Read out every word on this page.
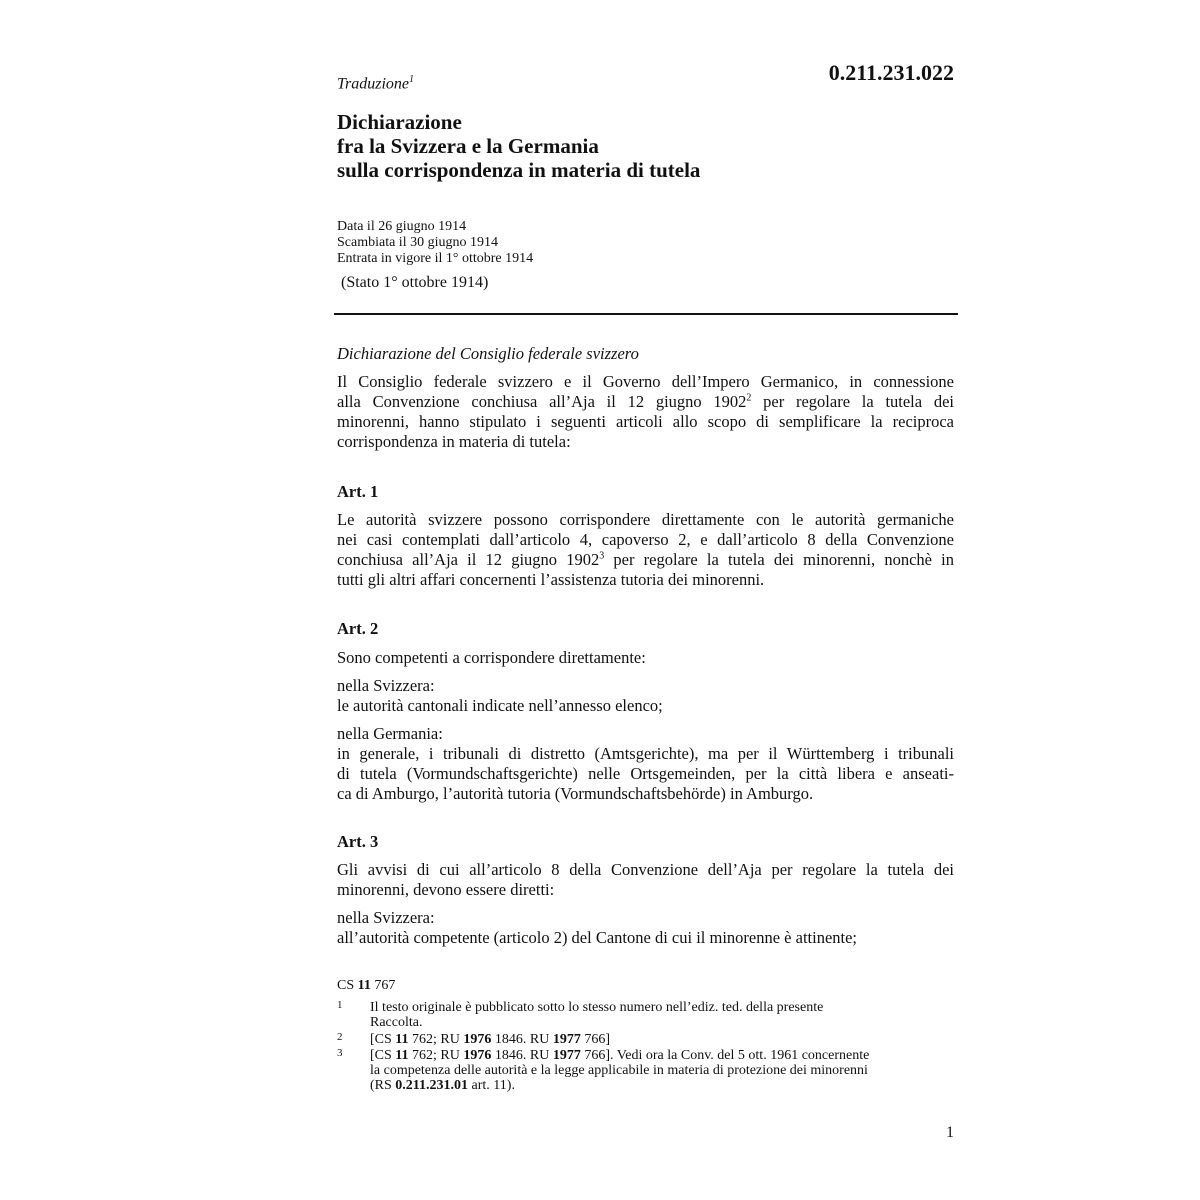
0.211.231.022
Traduzione$^1$
Dichiarazione
fra la Svizzera e la Germania
sulla corrispondenza in materia di tutela
Data il 26 giugno 1914
Scambiata il 30 giugno 1914
Entrata in vigore il 1° ottobre 1914
(Stato 1° ottobre 1914)
Dichiarazione del Consiglio federale svizzero
Il Consiglio federale svizzero e il Governo dell’Impero Germanico, in connessione
alla Convenzione conchiusa all’Aja il 12 giugno 1902$^2$ per regolare la tutela dei
minorenni, hanno stipulato i seguenti articoli allo scopo di semplificare la reciproca
corrispondenza in materia di tutela:
Art. 1
Le autorità svizzere possono corrispondere direttamente con le autorità germaniche
nei casi contemplati dall’articolo 4, capoverso 2, e dall’articolo 8 della Convenzione
conchiusa all’Aja il 12 giugno 1902$^3$ per regolare la tutela dei minorenni, nonchè in
tutti gli altri affari concernenti l’assistenza tutoria dei minorenni.
Art. 2
Sono competenti a corrispondere direttamente:
nella Svizzera:
le autorità cantonali indicate nell’annesso elenco;
nella Germania:
in generale, i tribunali di distretto (Amtsgerichte), ma per il Württemberg i tribunali
di tutela (Vormundschaftsgerichte) nelle Ortsgemeinden, per la città libera e anseati-
ca di Amburgo, l’autorità tutoria (Vormundschaftsbehörde) in Amburgo.
Art. 3
Gli avvisi di cui all’articolo 8 della Convenzione dell’Aja per regolare la tutela dei
minorenni, devono essere diretti:
nella Svizzera:
all’autorità competente (articolo 2) del Cantone di cui il minorenne è attinente;
CS 11 767
1 Il testo originale è pubblicato sotto lo stesso numero nell’ediz. ted. della presente
Raccolta.
2 [CS 11 762; RU 1976 1846. RU 1977 766]
3 [CS 11 762; RU 1976 1846. RU 1977 766]. Vedi ora la Conv. del 5 ott. 1961 concernente
la competenza delle autorità e la legge applicabile in materia di protezione dei minorenni
(RS 0.211.231.01 art. 11).
1
